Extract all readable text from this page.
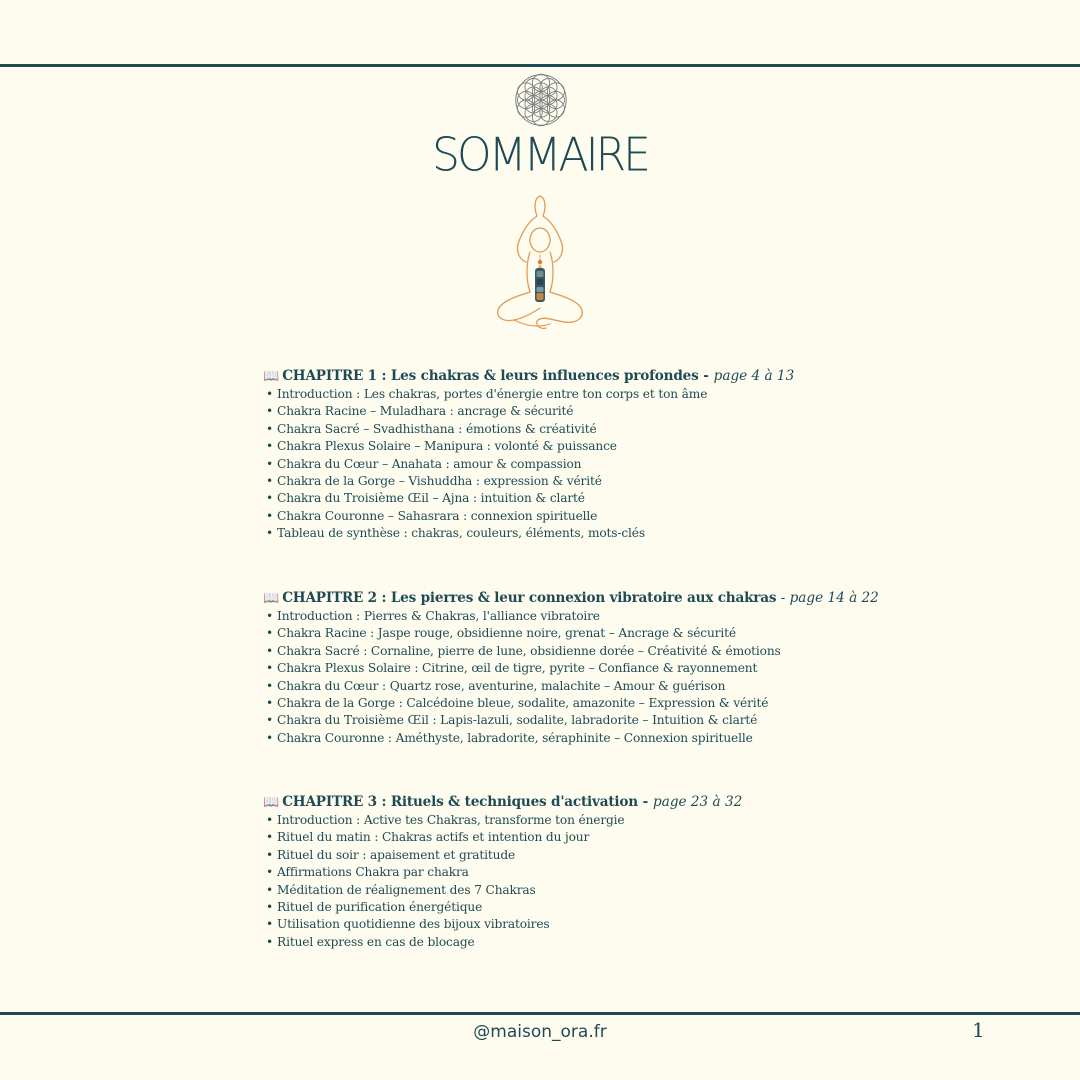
SOMMAIRE
📖 CHAPITRE 1 : Les chakras & leurs influences profondes - page 4 à 13
• Introduction : Les chakras, portes d'énergie entre ton corps et ton âme
• Chakra Racine – Muladhara : ancrage & sécurité
• Chakra Sacré – Svadhisthana : émotions & créativité
• Chakra Plexus Solaire – Manipura : volonté & puissance
• Chakra du Cœur – Anahata : amour & compassion
• Chakra de la Gorge – Vishuddha : expression & vérité
• Chakra du Troisième Œil – Ajna : intuition & clarté
• Chakra Couronne – Sahasrara : connexion spirituelle
• Tableau de synthèse : chakras, couleurs, éléments, mots-clés
📖 CHAPITRE 2 : Les pierres & leur connexion vibratoire aux chakras - page 14 à 22
• Introduction : Pierres & Chakras, l'alliance vibratoire
• Chakra Racine : Jaspe rouge, obsidienne noire, grenat – Ancrage & sécurité
• Chakra Sacré : Cornaline, pierre de lune, obsidienne dorée – Créativité & émotions
• Chakra Plexus Solaire : Citrine, œil de tigre, pyrite – Confiance & rayonnement
• Chakra du Cœur : Quartz rose, aventurine, malachite – Amour & guérison
• Chakra de la Gorge : Calcédoine bleue, sodalite, amazonite – Expression & vérité
• Chakra du Troisième Œil : Lapis-lazuli, sodalite, labradorite – Intuition & clarté
• Chakra Couronne : Améthyste, labradorite, séraphinite – Connexion spirituelle
📖 CHAPITRE 3 : Rituels & techniques d'activation - page 23 à 32
• Introduction : Active tes Chakras, transforme ton énergie
• Rituel du matin : Chakras actifs et intention du jour
• Rituel du soir : apaisement et gratitude
• Affirmations Chakra par chakra
• Méditation de réalignement des 7 Chakras
• Rituel de purification énergétique
• Utilisation quotidienne des bijoux vibratoires
• Rituel express en cas de blocage
@maison_ora.fr	1
